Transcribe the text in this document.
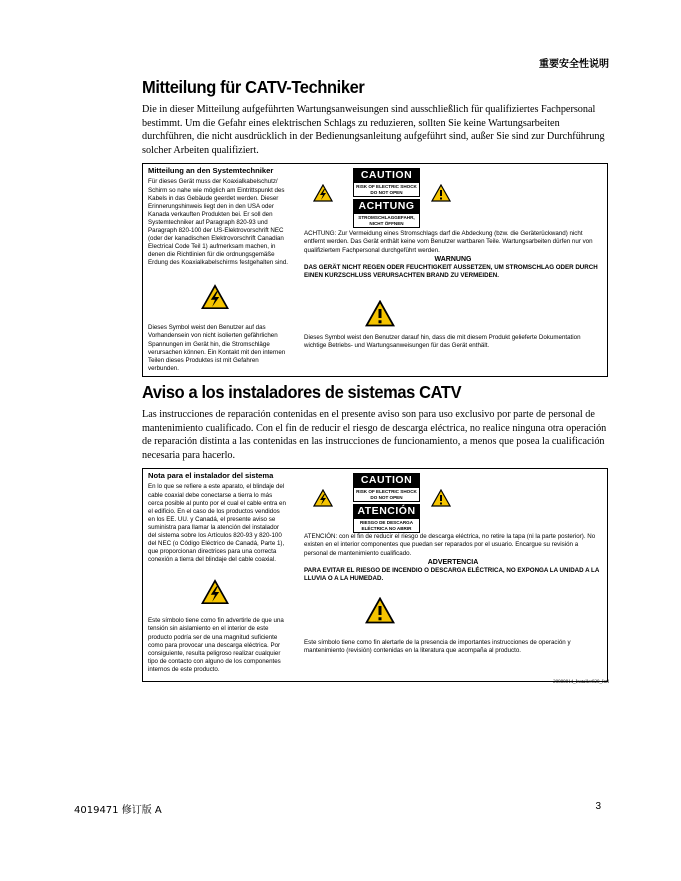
重要安全性说明
Mitteilung für CATV-Techniker

Die in dieser Mitteilung aufgeführten Wartungsanweisungen sind ausschließlich für qualifiziertes Fachpersonal bestimmt. Um die Gefahr eines elektrischen Schlags zu reduzieren, sollten Sie keine Wartungsarbeiten durchführen, die nicht ausdrücklich in der Bedienungsanleitung aufgeführt sind, außer Sie sind zur Durchführung solcher Arbeiten qualifiziert.

Mitteilung an den Systemtechniker

Für dieses Gerät muss der Koaxialkabelschutz/ Schirm so nahe wie möglich am Eintrittspunkt des Kabels in das Gebäude geerdet werden. Dieser Erinnerungshinweis liegt den in den USA oder Kanada verkauften Produkten bei. Er soll den Systemtechniker auf Paragraph 820-93 und Paragraph 820-100 der US-Elektrovorschrift NEC (oder der kanadischen Elektrovorschrift Canadian Electrical Code Teil 1) aufmerksam machen, in denen die Richtlinien für die ordnungsgemäße Erdung des Koaxialkabelschirms festgehalten sind.

CAUTION
RISK OF ELECTRIC SHOCK DO NOT OPEN
ACHTUNG
STROMSCHLAGGEFAHR, NICHT ÖFFNEN

ACHTUNG: Zur Vermeidung eines Stromschlags darf die Abdeckung (bzw. die Geräterückwand) nicht entfernt werden. Das Gerät enthält keine vom Benutzer wartbaren Teile. Wartungsarbeiten dürfen nur von qualifiziertem Fachpersonal durchgeführt werden.

WARNUNG

DAS GERÄT NICHT REGEN ODER FEUCHTIGKEIT AUSSETZEN, UM STROMSCHLAG ODER DURCH EINEN KURZSCHLUSS VERURSACHTEN BRAND ZU VERMEIDEN.

Dieses Symbol weist den Benutzer auf das Vorhandensein von nicht isolierten gefährlichen Spannungen im Gerät hin, die Stromschläge verursachen können. Ein Kontakt mit den internen Teilen dieses Produktes ist mit Gefahren verbunden.

Dieses Symbol weist den Benutzer darauf hin, dass die mit diesem Produkt gelieferte Dokumentation wichtige Betriebs- und Wartungsanweisungen für das Gerät enthält.

Aviso a los instaladores de sistemas CATV

Las instrucciones de reparación contenidas en el presente aviso son para uso exclusivo por parte de personal de mantenimiento cualificado. Con el fin de reducir el riesgo de descarga eléctrica, no realice ninguna otra operación de reparación distinta a las contenidas en las instrucciones de funcionamiento, a menos que posea la cualificación necesaria para hacerlo.

Nota para el instalador del sistema

En lo que se refiere a este aparato, el blindaje del cable coaxial debe conectarse a tierra lo más cerca posible al punto por el cual el cable entra en el edificio. En el caso de los productos vendidos en los EE. UU. y Canadá, el presente aviso se suministra para llamar la atención del instalador del sistema sobre los Artículos 820-93 y 820-100 del NEC (o Código Eléctrico de Canadá, Parte 1), que proporcionan directrices para una correcta conexión a tierra del blindaje del cable coaxial.

CAUTION
RISK OF ELECTRIC SHOCK DO NOT OPEN
ATENCIÓN
RIESGO DE DESCARGA ELÉCTRICA NO ABRIR

ATENCIÓN: con el fin de reducir el riesgo de descarga eléctrica, no retire la tapa (ni la parte posterior). No existen en el interior componentes que puedan ser reparados por el usuario. Encargue su revisión a personal de mantenimiento cualificado.

ADVERTENCIA

PARA EVITAR EL RIESGO DE INCENDIO O DESCARGA ELÉCTRICA, NO EXPONGA LA UNIDAD A LA LLUVIA O A LA HUMEDAD.

Este símbolo tiene como fin advertirle de que una tensión sin aislamiento en el interior de este producto podría ser de una magnitud suficiente como para provocar una descarga eléctrica. Por consiguiente, resulta peligroso realizar cualquier tipo de contacto con alguno de los componentes internos de este producto.

Este símbolo tiene como fin alertarle de la presencia de importantes instrucciones de operación y mantenimiento (revisión) contenidas en la literatura que acompaña al producto.

20080814_Installer820_Intl
4019471 修订版 A	3
